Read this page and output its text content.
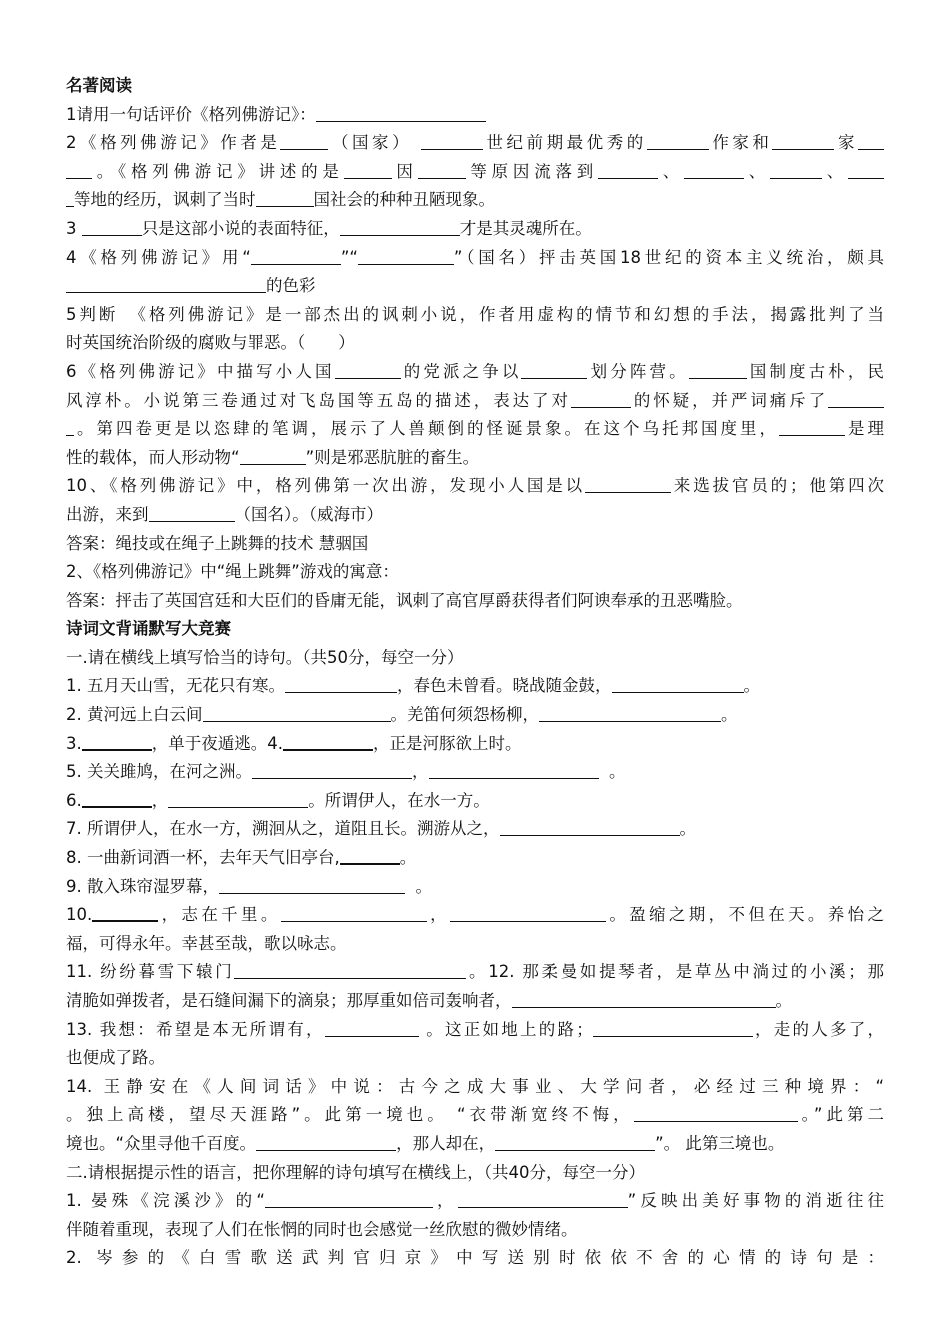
名著阅读
1请用一句话评价《格列佛游记》：
2《格列佛游记》作者是	（国家）	世纪前期最优秀的	作家和	家
。《格列佛游记》讲述的是	因	等原因流落到	、	、	、
等地的经历，讽刺了当时	国社会的种种丑陋现象。
3	只是这部小说的表面特征，	才是其灵魂所在。
4《格列佛游记》用“	”“	”（国名）抨击英国18世纪的资本主义统治，颇具
的色彩
5判断　《格列佛游记》是一部杰出的讽刺小说，作者用虚构的情节和幻想的手法，揭露批判了当
时英国统治阶级的腐败与罪恶。（　　）
6《格列佛游记》中描写小人国	的党派之争以	划分阵营。	国制度古朴，民
风淳朴。小说第三卷通过对飞岛国等五岛的描述，表达了对	的怀疑，并严词痛斥了
。第四卷更是以恣肆的笔调，展示了人兽颠倒的怪诞景象。在这个乌托邦国度里，	是理
性的载体，而人形动物“	”则是邪恶肮脏的畜生。
10、《格列佛游记》中，格列佛第一次出游，发现小人国是以	来选拔官员的；他第四次
出游，来到	（国名）。（威海市）
答案：绳技或在绳子上跳舞的技术 慧骃国
2、《格列佛游记》中“绳上跳舞”游戏的寓意：
答案：抨击了英国宫廷和大臣们的昏庸无能，讽刺了高官厚爵获得者们阿谀奉承的丑恶嘴脸。
诗词文背诵默写大竞赛
一.请在横线上填写恰当的诗句。（共50分，每空一分）
1. 五月天山雪，无花只有寒。	，春色未曾看。晓战随金鼓，	。
2. 黄河远上白云间	。羌笛何须怨杨柳，	。
3.	，单于夜遁逃。4.	，正是河豚欲上时。
5. 关关雎鸠，在河之洲。	，	。
6.	，	。所谓伊人，在水一方。
7. 所谓伊人，在水一方，溯洄从之，道阻且长。溯游从之，	。
8. 一曲新词酒一杯，去年天气旧亭台,	。
9. 散入珠帘湿罗幕，	。
10.	，志在千里。	，	。盈缩之期，不但在天。养怡之
福，可得永年。幸甚至哉，歌以咏志。
11. 纷纷暮雪下辕门	。12. 那柔曼如提琴者，是草丛中淌过的小溪；那
清脆如弹拨者，是石缝间漏下的滴泉；那厚重如倍司轰响者，	。
13. 我想：希望是本无所谓有，	。这正如地上的路；	，走的人多了，
也便成了路。
14. 王静安在《人间词话》中说：古今之成大事业、大学问者，必经过三种境界：“
。独上高楼，望尽天涯路”。此第一境也。 “衣带渐宽终不悔，	。”此第二
境也。“众里寻他千百度。	，那人却在，	”。 此第三境也。
二.请根据提示性的语言，把你理解的诗句填写在横线上，（共40分，每空一分）
1. 晏殊《浣溪沙》的“	，	”反映出美好事物的消逝往往
伴随着重现，表现了人们在怅惘的同时也会感觉一丝欣慰的微妙情绪。
2. 岑参的《白雪歌送武判官归京》中写送别时依依不舍的心情的诗句是：
